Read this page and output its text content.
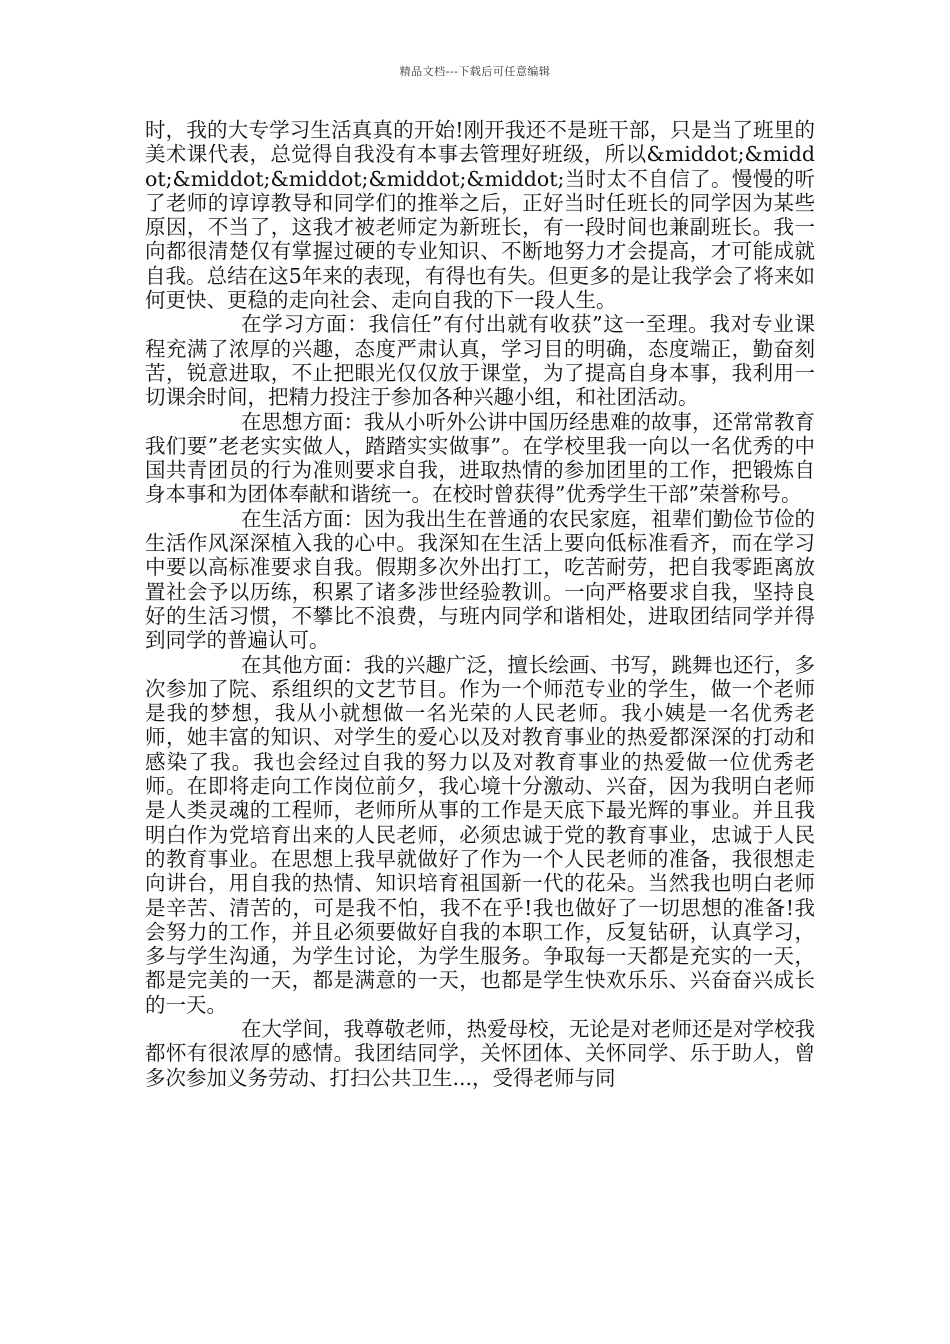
精品文档---下载后可任意编辑

时，我的大专学习生活真真的开始!刚开我还不是班干部，只是当了班里的美术课代表，总觉得自我没有本事去管理好班级，所以&middot;&middot;&middot;&middot;&middot;&middot;当时太不自信了。慢慢的听了老师的谆谆教导和同学们的推举之后，正好当时任班长的同学因为某些原因，不当了，这我才被老师定为新班长，有一段时间也兼副班长。我一向都很清楚仅有掌握过硬的专业知识、不断地努力才会提高，才可能成就自我。总结在这5年来的表现，有得也有失。但更多的是让我学会了将来如何更快、更稳的走向社会、走向自我的下一段人生。

在学习方面：我信任”有付出就有收获”这一至理。我对专业课程充满了浓厚的兴趣，态度严肃认真，学习目的明确，态度端正，勤奋刻苦，锐意进取，不止把眼光仅仅放于课堂，为了提高自身本事，我利用一切课余时间，把精力投注于参加各种兴趣小组，和社团活动。

在思想方面：我从小听外公讲中国历经患难的故事，还常常教育我们要”老老实实做人，踏踏实实做事”。在学校里我一向以一名优秀的中国共青团员的行为准则要求自我，进取热情的参加团里的工作，把锻炼自身本事和为团体奉献和谐统一。在校时曾获得”优秀学生干部”荣誉称号。

在生活方面：因为我出生在普通的农民家庭，祖辈们勤俭节俭的生活作风深深植入我的心中。我深知在生活上要向低标准看齐，而在学习中要以高标准要求自我。假期多次外出打工，吃苦耐劳，把自我零距离放置社会予以历练，积累了诸多涉世经验教训。一向严格要求自我，坚持良好的生活习惯，不攀比不浪费，与班内同学和谐相处，进取团结同学并得到同学的普遍认可。

在其他方面：我的兴趣广泛，擅长绘画、书写，跳舞也还行，多次参加了院、系组织的文艺节目。作为一个师范专业的学生，做一个老师是我的梦想，我从小就想做一名光荣的人民老师。我小姨是一名优秀老师，她丰富的知识、对学生的爱心以及对教育事业的热爱都深深的打动和感染了我。我也会经过自我的努力以及对教育事业的热爱做一位优秀老师。在即将走向工作岗位前夕，我心境十分激动、兴奋，因为我明白老师是人类灵魂的工程师，老师所从事的工作是天底下最光辉的事业。并且我明白作为党培育出来的人民老师，必须忠诚于党的教育事业，忠诚于人民的教育事业。在思想上我早就做好了作为一个人民老师的准备，我很想走向讲台，用自我的热情、知识培育祖国新一代的花朵。当然我也明白老师是辛苦、清苦的，可是我不怕，我不在乎!我也做好了一切思想的准备!我会努力的工作，并且必须要做好自我的本职工作，反复钻研，认真学习，多与学生沟通，为学生讨论，为学生服务。争取每一天都是充实的一天，都是完美的一天，都是满意的一天，也都是学生快欢乐乐、兴奋奋兴成长的一天。

在大学间，我尊敬老师，热爱母校，无论是对老师还是对学校我都怀有很浓厚的感情。我团结同学，关怀团体、关怀同学、乐于助人，曾多次参加义务劳动、打扫公共卫生...，受得老师与同
